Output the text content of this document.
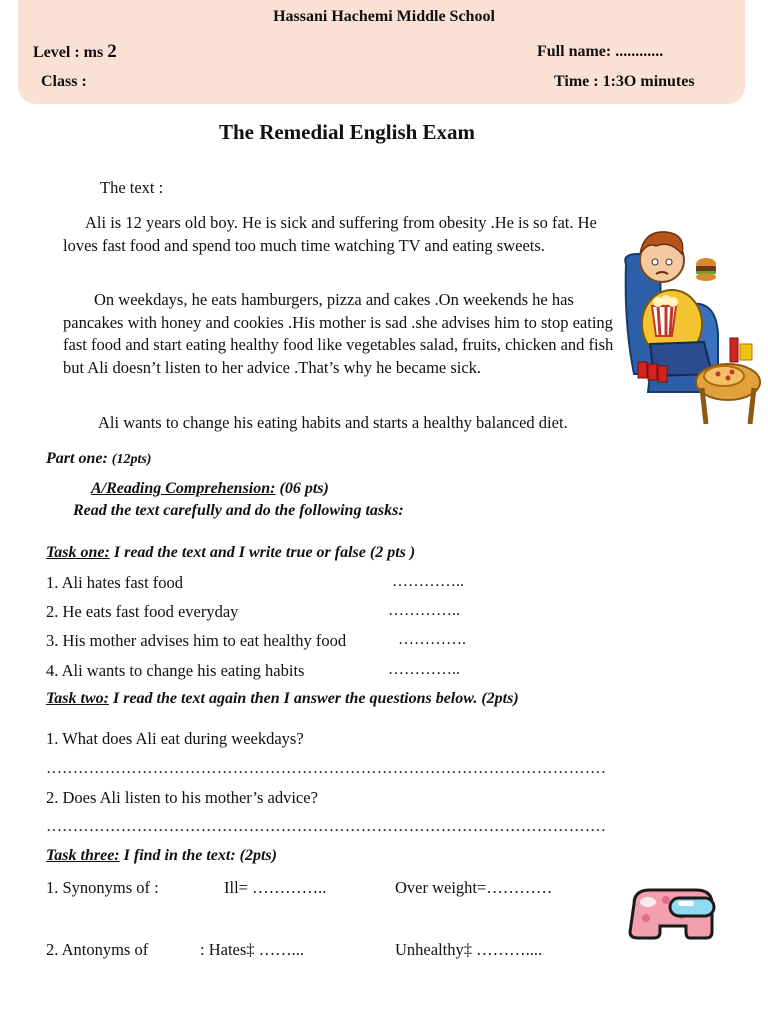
Hassani Hachemi Middle School
Level : ms 2	Full name: ............
Class :	Time : 1:3O minutes
The Remedial English Exam
The text :
Ali is 12 years old boy. He is sick and suffering from obesity .He is so fat. He loves fast food and spend too much time watching TV and eating sweets.
On weekdays, he eats hamburgers, pizza and cakes .On weekends he has pancakes with honey and cookies .His mother is sad .she advises him to stop eating fast food and start eating healthy food like vegetables salad, fruits, chicken and fish but Ali doesn’t listen to her advice .That’s why he became sick.
Ali wants to change his eating habits and starts a healthy balanced diet.
Part one: (12pts)
A/Reading Comprehension: (06 pts)
Read the text carefully and do the following tasks:
Task one: I read the text and I write true or false (2 pts )
1. Ali hates fast food	…………..
2. He eats fast food everyday	…………..
3. His mother advises him to eat healthy food	………….
4. Ali wants to change his eating habits	…………..
Task two: I read the text again then I answer the questions below. (2pts)
1. What does Ali eat during weekdays?
……………………………………………………………………………………………
2. Does Ali listen to his mother’s advice?
……………………………………………………………………………………………
Task three: I find in the text: (2pts)
1. Synonyms of :	Ill= …………..	Over weight=…………
2. Antonyms of	: Hates‡ ……...	Unhealthy‡ ………....
